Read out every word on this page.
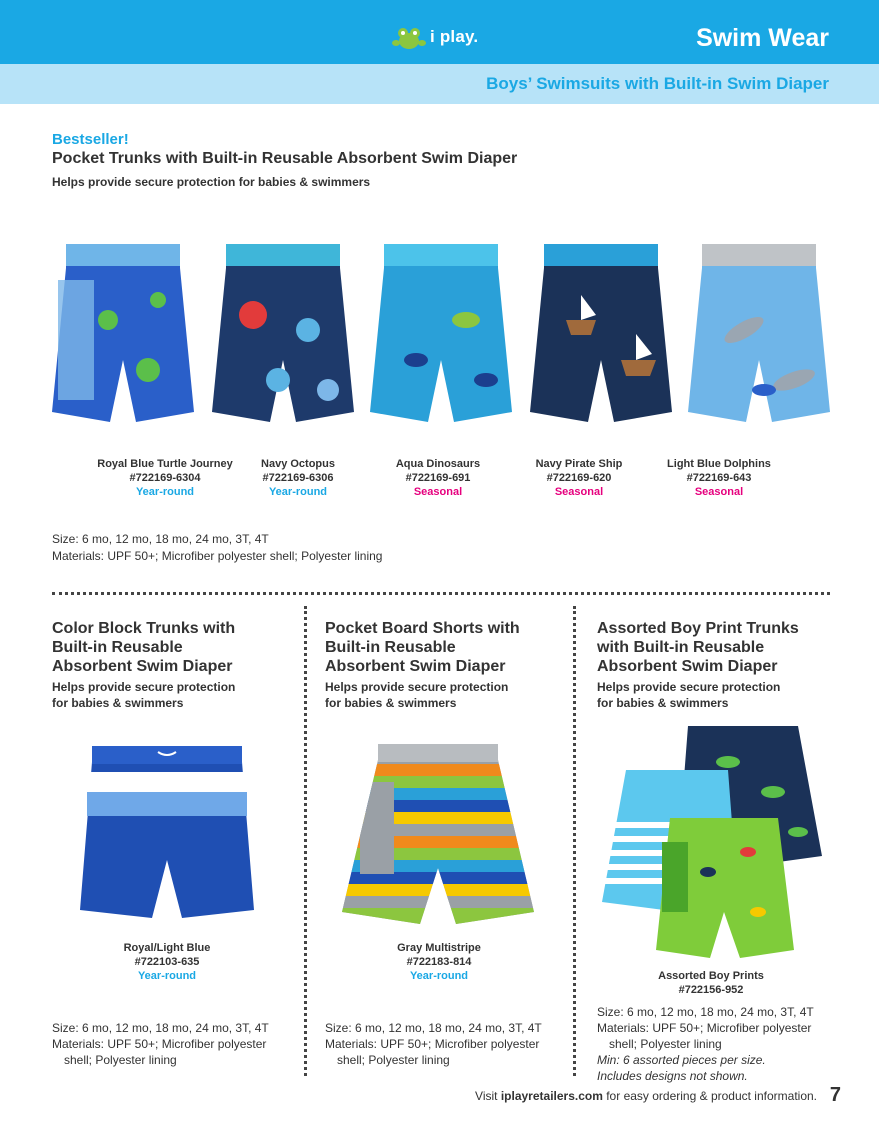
i play.	Swim Wear
Boys’ Swimsuits with Built-in Swim Diaper
Bestseller!
Pocket Trunks with Built-in Reusable Absorbent Swim Diaper
Helps provide secure protection for babies & swimmers
Royal Blue Turtle Journey
#722169-6304
Year-round
Navy Octopus
#722169-6306
Year-round
Aqua Dinosaurs
#722169-691
Seasonal
Navy Pirate Ship
#722169-620
Seasonal
Light Blue Dolphins
#722169-643
Seasonal
Size: 6 mo, 12 mo, 18 mo, 24 mo, 3T, 4T
Materials: UPF 50+; Microfiber polyester shell; Polyester lining
Color Block Trunks with
Built-in Reusable
Absorbent Swim Diaper
Helps provide secure protection
for babies & swimmers
Royal/Light Blue
#722103-635
Year-round
Size: 6 mo, 12 mo, 18 mo, 24 mo, 3T, 4T
Materials: UPF 50+; Microfiber polyester
shell; Polyester lining
Pocket Board Shorts with
Built-in Reusable
Absorbent Swim Diaper
Helps provide secure protection
for babies & swimmers
Gray Multistripe
#722183-814
Year-round
Size: 6 mo, 12 mo, 18 mo, 24 mo, 3T, 4T
Materials: UPF 50+; Microfiber polyester
shell; Polyester lining
Assorted Boy Print Trunks
with Built-in Reusable
Absorbent Swim Diaper
Helps provide secure protection
for babies & swimmers
Assorted Boy Prints
#722156-952
Size: 6 mo, 12 mo, 18 mo, 24 mo, 3T, 4T
Materials: UPF 50+; Microfiber polyester
shell; Polyester lining
Min: 6 assorted pieces per size.
Includes designs not shown.
Visit iplayretailers.com for easy ordering & product information. 7
